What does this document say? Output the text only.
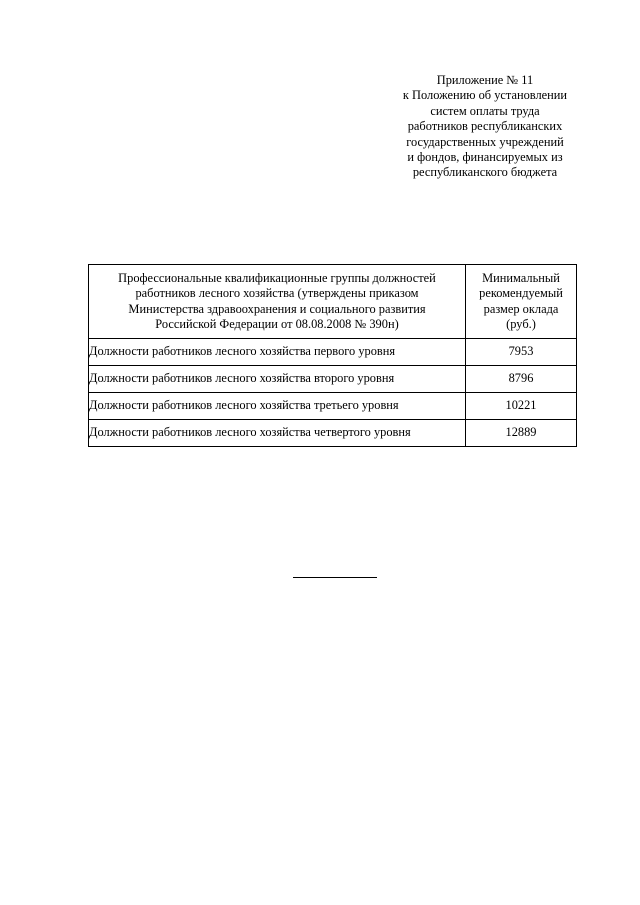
Приложение № 11
к Положению об установлении
систем оплаты труда
работников республиканских
государственных учреждений
и фондов, финансируемых из
республиканского бюджета
Профессиональные квалификационные группы должностей
работников лесного хозяйства (утверждены приказом
Министерства здравоохранения и социального развития
Российской Федерации от 08.08.2008 № 390н)	Минимальный
рекомендуемый
размер оклада
(руб.)

Должности работников лесного хозяйства первого уровня	7953
Должности работников лесного хозяйства второго уровня	8796
Должности работников лесного хозяйства третьего уровня	10221
Должности работников лесного хозяйства четвертого уровня	12889
